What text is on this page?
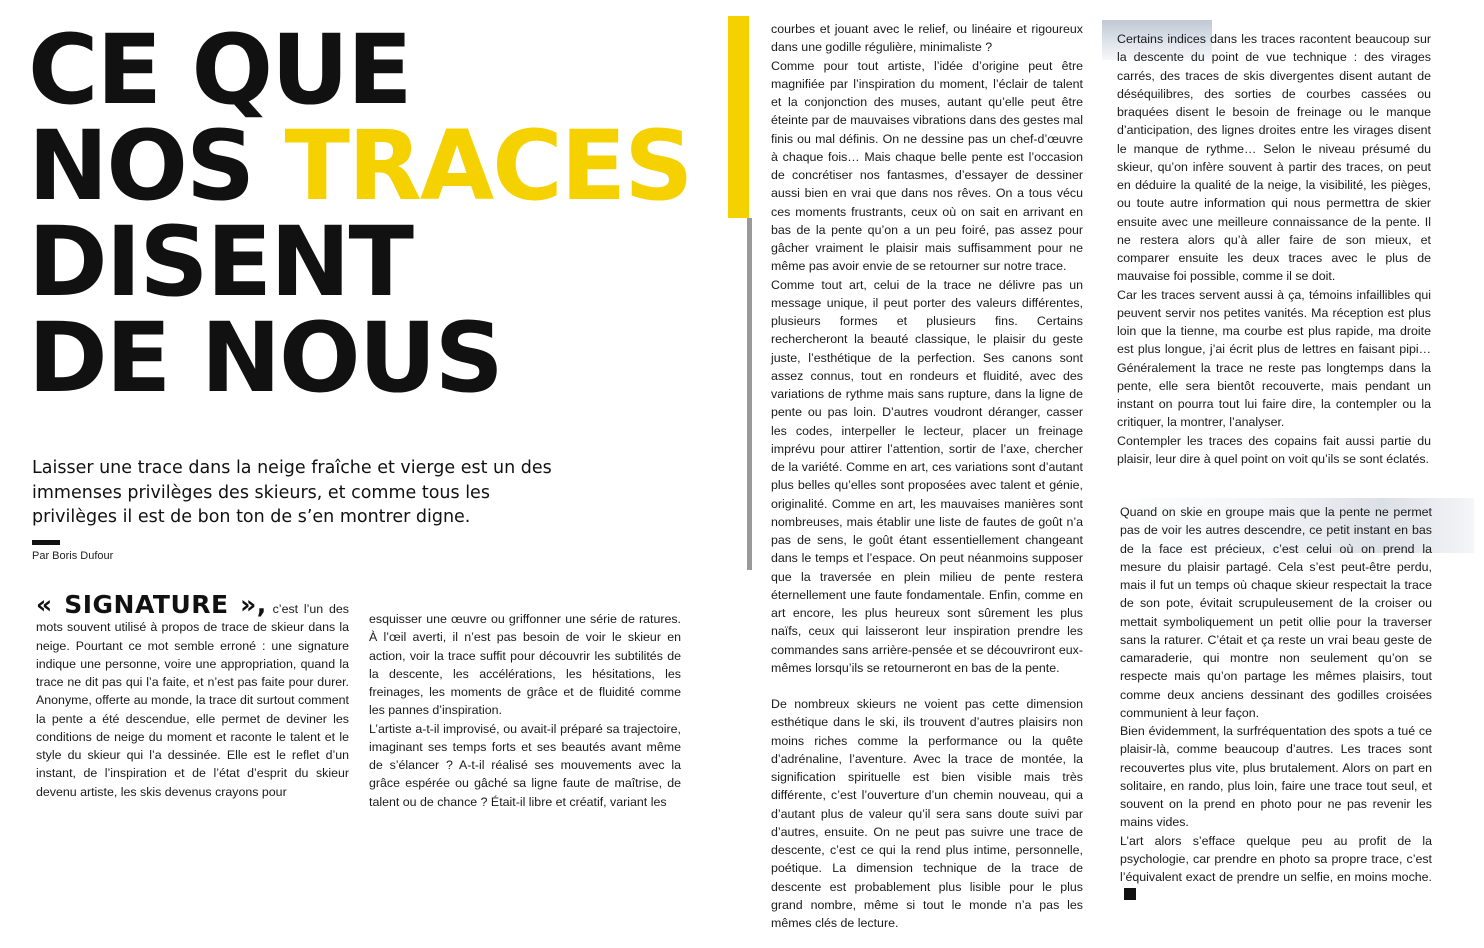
CE QUE
NOS TRACES
DISENT
DE NOUS

Laisser une trace dans la neige fraîche et vierge est un des immenses privilèges des skieurs, et comme tous les privilèges il est de bon ton de s’en montrer digne.

Par Boris Dufour

« SIGNATURE », c’est l’un des mots souvent utilisé à propos de trace de skieur dans la neige. Pourtant ce mot semble erroné : une signature indique une personne, voire une appropriation, quand la trace ne dit pas qui l’a faite, et n’est pas faite pour durer. Anonyme, offerte au monde, la trace dit surtout comment la pente a été descendue, elle permet de deviner les conditions de neige du moment et raconte le talent et le style du skieur qui l’a dessinée. Elle est le reflet d’un instant, de l’inspiration et de l’état d’esprit du skieur devenu artiste, les skis devenus crayons pour

esquisser une œuvre ou griffonner une série de ratures. À l’œil averti, il n’est pas besoin de voir le skieur en action, voir la trace suffit pour découvrir les subtilités de la descente, les accélérations, les hésitations, les freinages, les moments de grâce et de fluidité comme les pannes d’inspiration.

L’artiste a-t-il improvisé, ou avait-il préparé sa trajectoire, imaginant ses temps forts et ses beautés avant même de s’élancer ? A-t-il réalisé ses mouvements avec la grâce espérée ou gâché sa ligne faute de maîtrise, de talent ou de chance ? Était-il libre et créatif, variant les

courbes et jouant avec le relief, ou linéaire et rigoureux dans une godille régulière, minimaliste ?

Comme pour tout artiste, l’idée d’origine peut être magnifiée par l’inspiration du moment, l’éclair de talent et la conjonction des muses, autant qu’elle peut être éteinte par de mauvaises vibrations dans des gestes mal finis ou mal définis. On ne dessine pas un chef-d’œuvre à chaque fois… Mais chaque belle pente est l’occasion de concrétiser nos fantasmes, d’essayer de dessiner aussi bien en vrai que dans nos rêves. On a tous vécu ces moments frustrants, ceux où on sait en arrivant en bas de la pente qu’on a un peu foiré, pas assez pour gâcher vraiment le plaisir mais suffisamment pour ne même pas avoir envie de se retourner sur notre trace.

Comme tout art, celui de la trace ne délivre pas un message unique, il peut porter des valeurs différentes, plusieurs formes et plusieurs fins. Certains rechercheront la beauté classique, le plaisir du geste juste, l’esthétique de la perfection. Ses canons sont assez connus, tout en rondeurs et fluidité, avec des variations de rythme mais sans rupture, dans la ligne de pente ou pas loin. D’autres voudront déranger, casser les codes, interpeller le lecteur, placer un freinage imprévu pour attirer l’attention, sortir de l’axe, chercher de la variété. Comme en art, ces variations sont d’autant plus belles qu’elles sont proposées avec talent et génie, originalité. Comme en art, les mauvaises manières sont nombreuses, mais établir une liste de fautes de goût n’a pas de sens, le goût étant essentiellement changeant dans le temps et l’espace. On peut néanmoins supposer que la traversée en plein milieu de pente restera éternellement une faute fondamentale. Enfin, comme en art encore, les plus heureux sont sûrement les plus naïfs, ceux qui laisseront leur inspiration prendre les commandes sans arrière-pensée et se découvriront eux-mêmes lorsqu’ils se retourneront en bas de la pente.

De nombreux skieurs ne voient pas cette dimension esthétique dans le ski, ils trouvent d’autres plaisirs non moins riches comme la performance ou la quête d’adrénaline, l’aventure. Avec la trace de montée, la signification spirituelle est bien visible mais très différente, c’est l’ouverture d’un chemin nouveau, qui a d’autant plus de valeur qu’il sera sans doute suivi par d’autres, ensuite. On ne peut pas suivre une trace de descente, c’est ce qui la rend plus intime, personnelle, poétique. La dimension technique de la trace de descente est probablement plus lisible pour le plus grand nombre, même si tout le monde n’a pas les mêmes clés de lecture.

Certains indices dans les traces racontent beaucoup sur la descente du point de vue technique : des virages carrés, des traces de skis divergentes disent autant de déséquilibres, des sorties de courbes cassées ou braquées disent le besoin de freinage ou le manque d’anticipation, des lignes droites entre les virages disent le manque de rythme… Selon le niveau présumé du skieur, qu’on infère souvent à partir des traces, on peut en déduire la qualité de la neige, la visibilité, les pièges, ou toute autre information qui nous permettra de skier ensuite avec une meilleure connaissance de la pente. Il ne restera alors qu’à aller faire de son mieux, et comparer ensuite les deux traces avec le plus de mauvaise foi possible, comme il se doit.

Car les traces servent aussi à ça, témoins infaillibles qui peuvent servir nos petites vanités. Ma réception est plus loin que la tienne, ma courbe est plus rapide, ma droite est plus longue, j’ai écrit plus de lettres en faisant pipi… Généralement la trace ne reste pas longtemps dans la pente, elle sera bientôt recouverte, mais pendant un instant on pourra tout lui faire dire, la contempler ou la critiquer, la montrer, l’analyser.

Contempler les traces des copains fait aussi partie du plaisir, leur dire à quel point on voit qu’ils se sont éclatés.

Quand on skie en groupe mais que la pente ne permet pas de voir les autres descendre, ce petit instant en bas de la face est précieux, c’est celui où on prend la mesure du plaisir partagé. Cela s’est peut-être perdu, mais il fut un temps où chaque skieur respectait la trace de son pote, évitait scrupuleusement de la croiser ou mettait symboliquement un petit ollie pour la traverser sans la raturer. C’était et ça reste un vrai beau geste de camaraderie, qui montre non seulement qu’on se respecte mais qu’on partage les mêmes plaisirs, tout comme deux anciens dessinant des godilles croisées communient à leur façon.

Bien évidemment, la surfréquentation des spots a tué ce plaisir-là, comme beaucoup d’autres. Les traces sont recouvertes plus vite, plus brutalement. Alors on part en solitaire, en rando, plus loin, faire une trace tout seul, et souvent on la prend en photo pour ne pas revenir les mains vides.

L’art alors s’efface quelque peu au profit de la psychologie, car prendre en photo sa propre trace, c’est l’équivalent exact de prendre un selfie, en moins moche.
